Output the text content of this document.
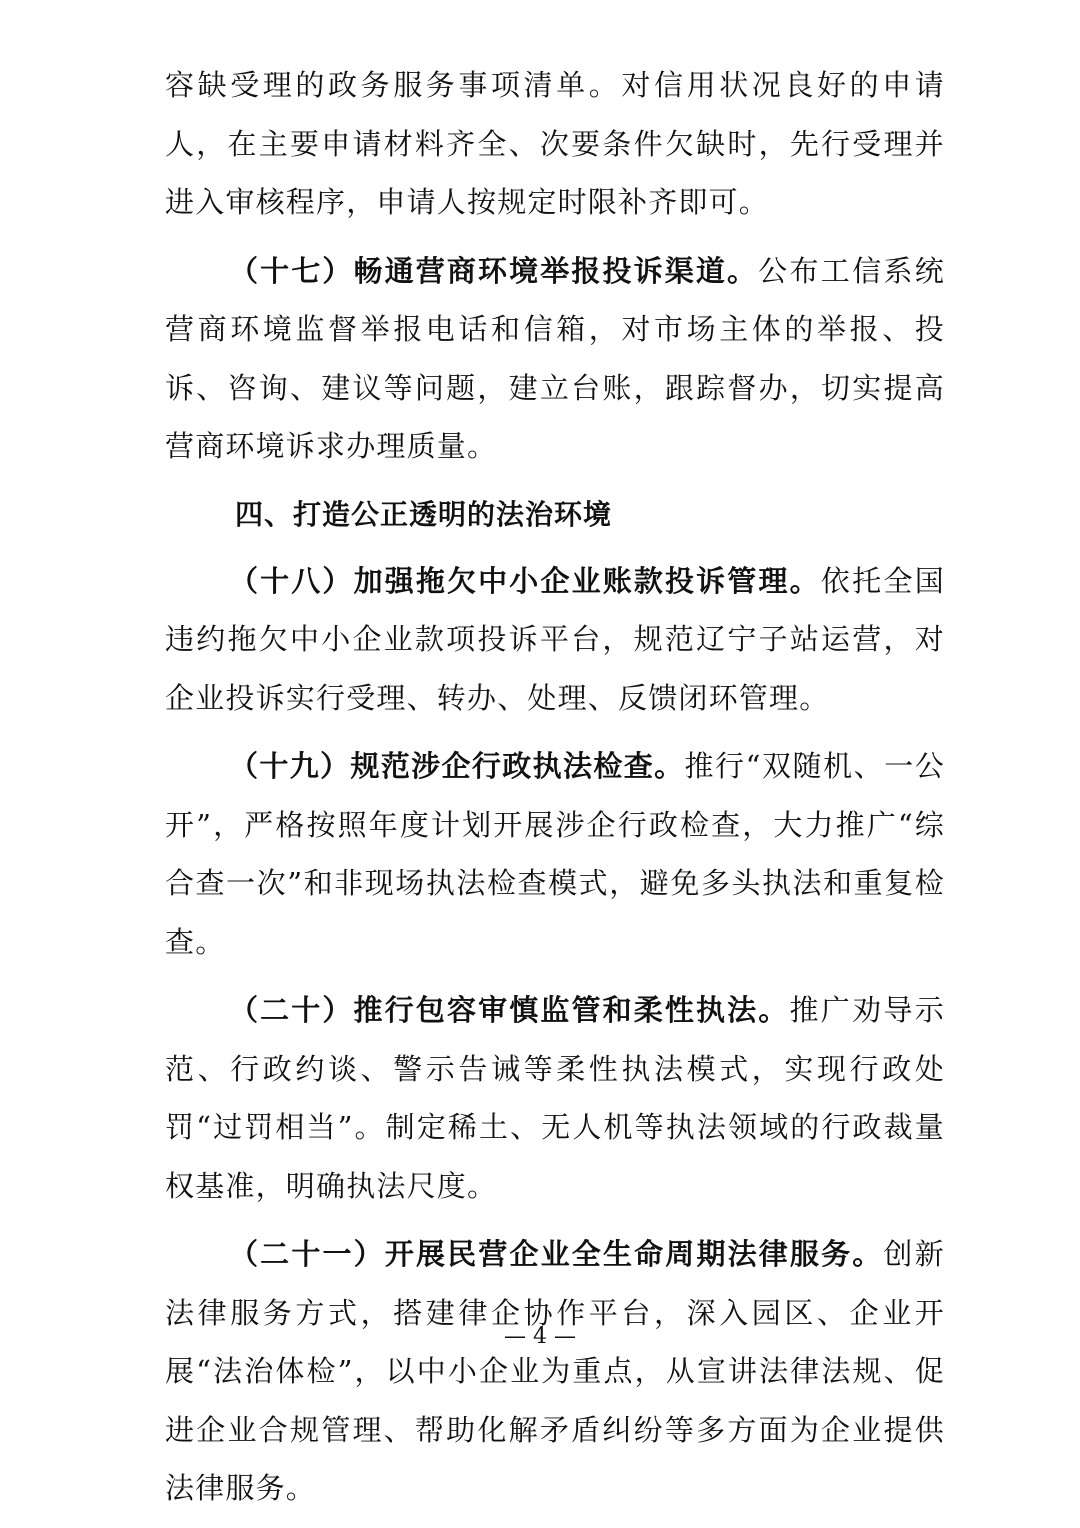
容缺受理的政务服务事项清单。对信用状况良好的申请人，在主要申请材料齐全、次要条件欠缺时，先行受理并进入审核程序，申请人按规定时限补齐即可。

（十七）畅通营商环境举报投诉渠道。公布工信系统营商环境监督举报电话和信箱，对市场主体的举报、投诉、咨询、建议等问题，建立台账，跟踪督办，切实提高营商环境诉求办理质量。

四、打造公正透明的法治环境

（十八）加强拖欠中小企业账款投诉管理。依托全国违约拖欠中小企业款项投诉平台，规范辽宁子站运营，对企业投诉实行受理、转办、处理、反馈闭环管理。

（十九）规范涉企行政执法检查。推行“双随机、一公开”，严格按照年度计划开展涉企行政检查，大力推广“综合查一次”和非现场执法检查模式，避免多头执法和重复检查。

（二十）推行包容审慎监管和柔性执法。推广劝导示范、行政约谈、警示告诫等柔性执法模式，实现行政处罚“过罚相当”。制定稀土、无人机等执法领域的行政裁量权基准，明确执法尺度。

（二十一）开展民营企业全生命周期法律服务。创新法律服务方式，搭建律企协作平台，深入园区、企业开展“法治体检”，以中小企业为重点，从宣讲法律法规、促进企业合规管理、帮助化解矛盾纠纷等多方面为企业提供法律服务。

— 4 —
